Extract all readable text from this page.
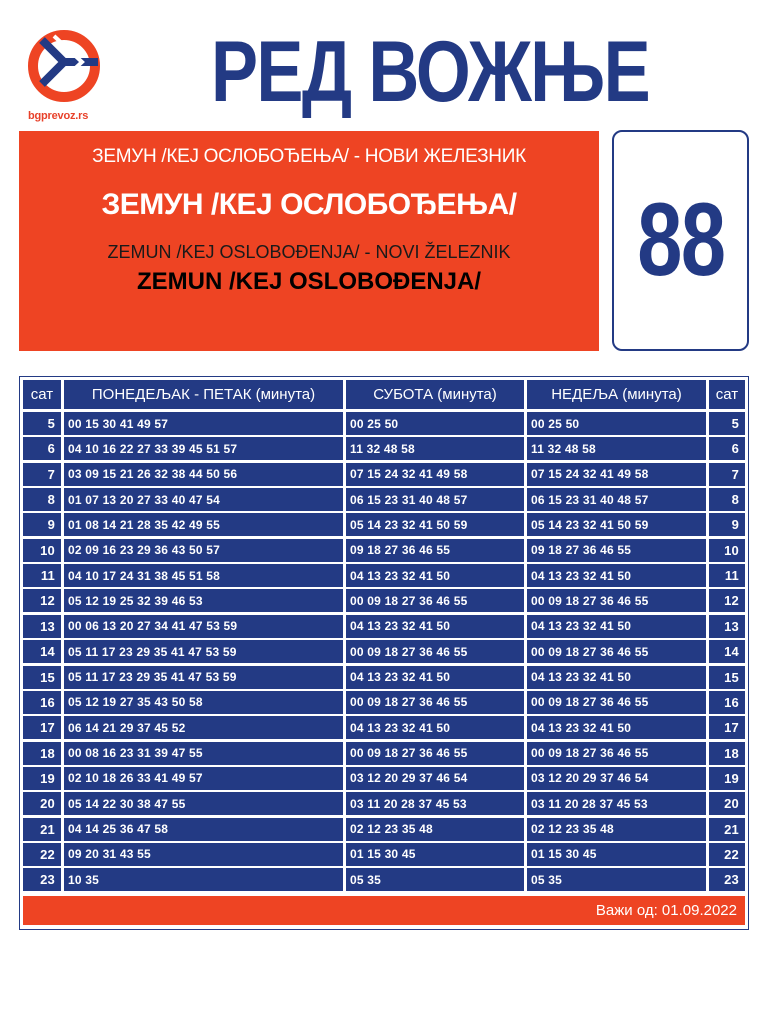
bgprevoz.rs	РЕД ВОЖЊЕ
ЗЕМУН /КЕЈ ОСЛОБОЂЕЊА/ - НОВИ ЖЕЛЕЗНИК
ЗЕМУН /КЕЈ ОСЛОБОЂЕЊА/
ZEMUN /KEJ OSLOBOĐENJA/ - NOVI ŽELEZNIK
ZEMUN /KEJ OSLOBOĐENJA/	88
сат	ПОНЕДЕЉАК - ПЕТАК (минута)	СУБОТА (минута)	НЕДЕЉА (минута)	сат
Важи од: 01.09.2022
5	00 15 30 41 49 57	00 25 50	00 25 50	5
6	04 10 16 22 27 33 39 45 51 57	11 32 48 58	11 32 48 58	6
7	03 09 15 21 26 32 38 44 50 56	07 15 24 32 41 49 58	07 15 24 32 41 49 58	7
8	01 07 13 20 27 33 40 47 54	06 15 23 31 40 48 57	06 15 23 31 40 48 57	8
9	01 08 14 21 28 35 42 49 55	05 14 23 32 41 50 59	05 14 23 32 41 50 59	9
10	02 09 16 23 29 36 43 50 57	09 18 27 36 46 55	09 18 27 36 46 55	10
11	04 10 17 24 31 38 45 51 58	04 13 23 32 41 50	04 13 23 32 41 50	11
12	05 12 19 25 32 39 46 53	00 09 18 27 36 46 55	00 09 18 27 36 46 55	12
13	00 06 13 20 27 34 41 47 53 59	04 13 23 32 41 50	04 13 23 32 41 50	13
14	05 11 17 23 29 35 41 47 53 59	00 09 18 27 36 46 55	00 09 18 27 36 46 55	14
15	05 11 17 23 29 35 41 47 53 59	04 13 23 32 41 50	04 13 23 32 41 50	15
16	05 12 19 27 35 43 50 58	00 09 18 27 36 46 55	00 09 18 27 36 46 55	16
17	06 14 21 29 37 45 52	04 13 23 32 41 50	04 13 23 32 41 50	17
18	00 08 16 23 31 39 47 55	00 09 18 27 36 46 55	00 09 18 27 36 46 55	18
19	02 10 18 26 33 41 49 57	03 12 20 29 37 46 54	03 12 20 29 37 46 54	19
20	05 14 22 30 38 47 55	03 11 20 28 37 45 53	03 11 20 28 37 45 53	20
21	04 14 25 36 47 58	02 12 23 35 48	02 12 23 35 48	21
22	09 20 31 43 55	01 15 30 45	01 15 30 45	22
23	10 35	05 35	05 35	23
